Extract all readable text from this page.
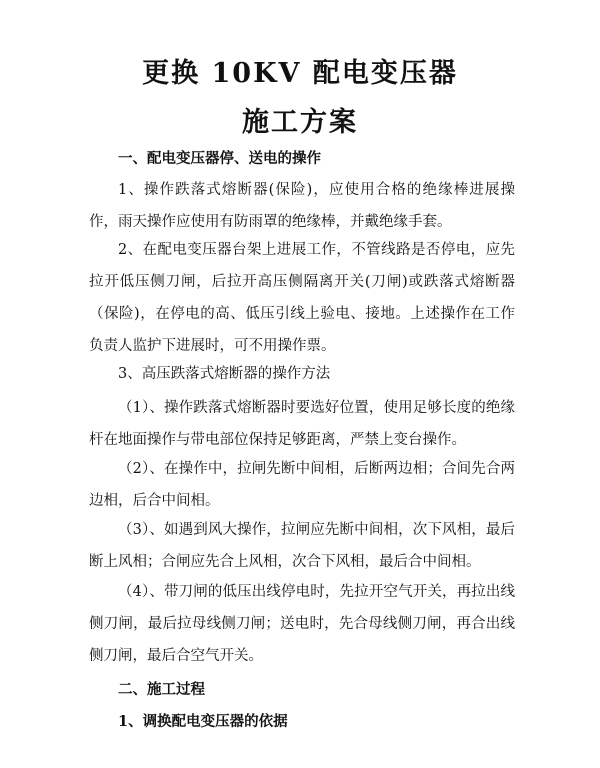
更换 10KV 配电变压器
施工方案
一、配电变压器停、送电的操作

1、操作跌落式熔断器(保险)，应使用合格的绝缘棒进展操作，雨天操作应使用有防雨罩的绝缘棒，并戴绝缘手套。

2、在配电变压器台架上进展工作，不管线路是否停电，应先拉开低压侧刀闸，后拉开高压侧隔离开关(刀闸)或跌落式熔断器（保险)，在停电的高、低压引线上验电、接地。上述操作在工作负责人监护下进展时，可不用操作票。

3、高压跌落式熔断器的操作方法

（1）、操作跌落式熔断器时要选好位置，使用足够长度的绝缘杆在地面操作与带电部位保持足够距离，严禁上变台操作。

（2）、在操作中，拉闸先断中间相，后断两边相；合间先合两边相，后合中间相。

（3）、如遇到风大操作，拉闸应先断中间相，次下风相，最后断上风相；合闸应先合上风相，次合下风相，最后合中间相。

（4）、带刀闸的低压出线停电时，先拉开空气开关，再拉出线侧刀闸，最后拉母线侧刀闸；送电时，先合母线侧刀闸，再合出线侧刀闸，最后合空气开关。

二、施工过程
1、调换配电变压器的依据
